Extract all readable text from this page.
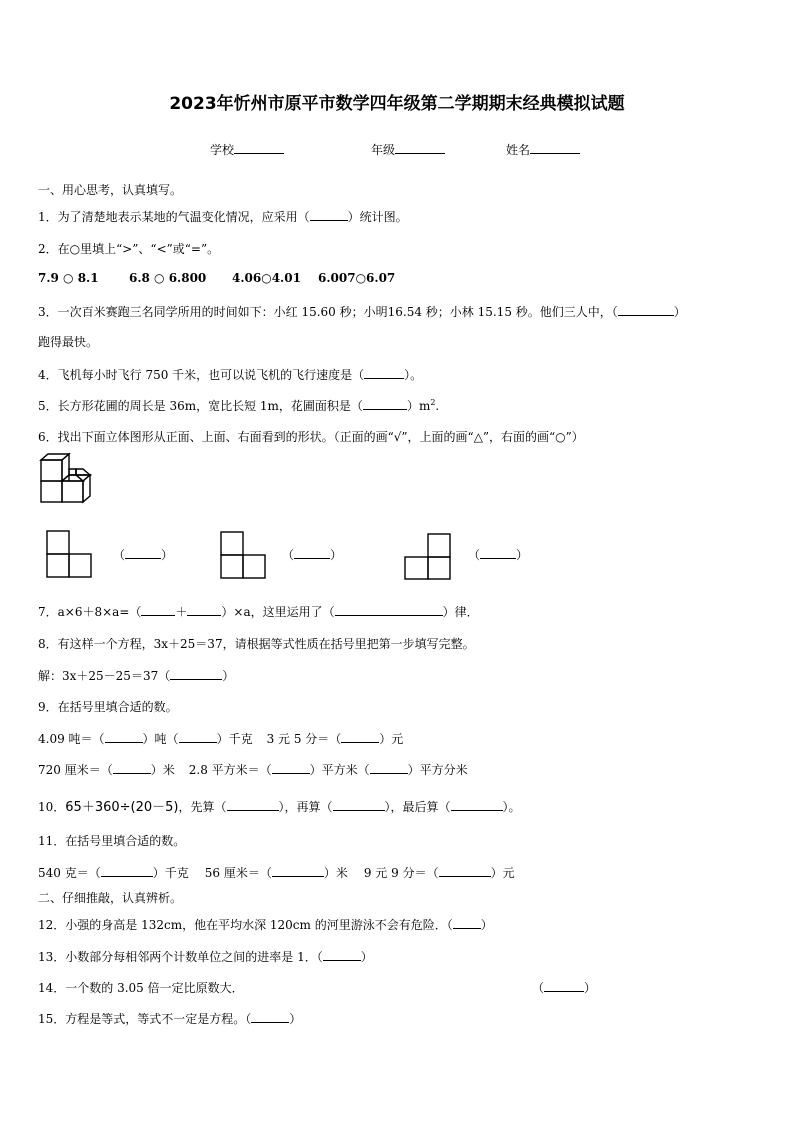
2023年忻州市原平市数学四年级第二学期期末经典模拟试题
学校	年级	姓名
一、用心思考，认真填写。
1．为了清楚地表示某地的气温变化情况，应采用（	）统计图。
2．在○里填上“>”、“<”或“=”。
7.9 ○ 8.1	6.8 ○ 6.800 4.06○4.01 6.007○6.07
3．一次百米赛跑三名同学所用的时间如下：小红 15.60 秒；小明16.54 秒；小林 15.15 秒。他们三人中，（	）
跑得最快。
4．飞机每小时飞行 750 千米，也可以说飞机的飞行速度是（	）。
5．长方形花圃的周长是 36m，宽比长短 1m，花圃面积是（	）$m^2$.
6．找出下面立体图形从正面、上面、右面看到的形状。（正面的画“√”，上面的画“△”，右面的画“○”）
（	）	（	）	（	）
7．a×6＋8×a=（	＋	）×a，这里运用了（	）律．
8．有这样一个方程，3x＋25＝37，请根据等式性质在括号里把第一步填写完整。
解：3x＋25－25＝37（	）
9．在括号里填合适的数。
4.09 吨＝（	）吨（	）千克 3 元 5 分＝（	）元
720 厘米＝（	）米 2.8 平方米＝（	）平方米（	）平方分米
10．65＋360÷(20－5)，先算（	），再算（	），最后算（	）。
11．在括号里填合适的数。
540 克＝（	）千克 56 厘米＝（	）米 9 元 9 分＝（	）元
二、仔细推敲，认真辨析。
12．小强的身高是 132cm，他在平均水深 120cm 的河里游泳不会有危险．（ ）
13．小数部分每相邻两个计数单位之间的进率是 1．（	）
14．一个数的 3.05 倍一定比原数大．	（	）
15．方程是等式，等式不一定是方程。（	）
